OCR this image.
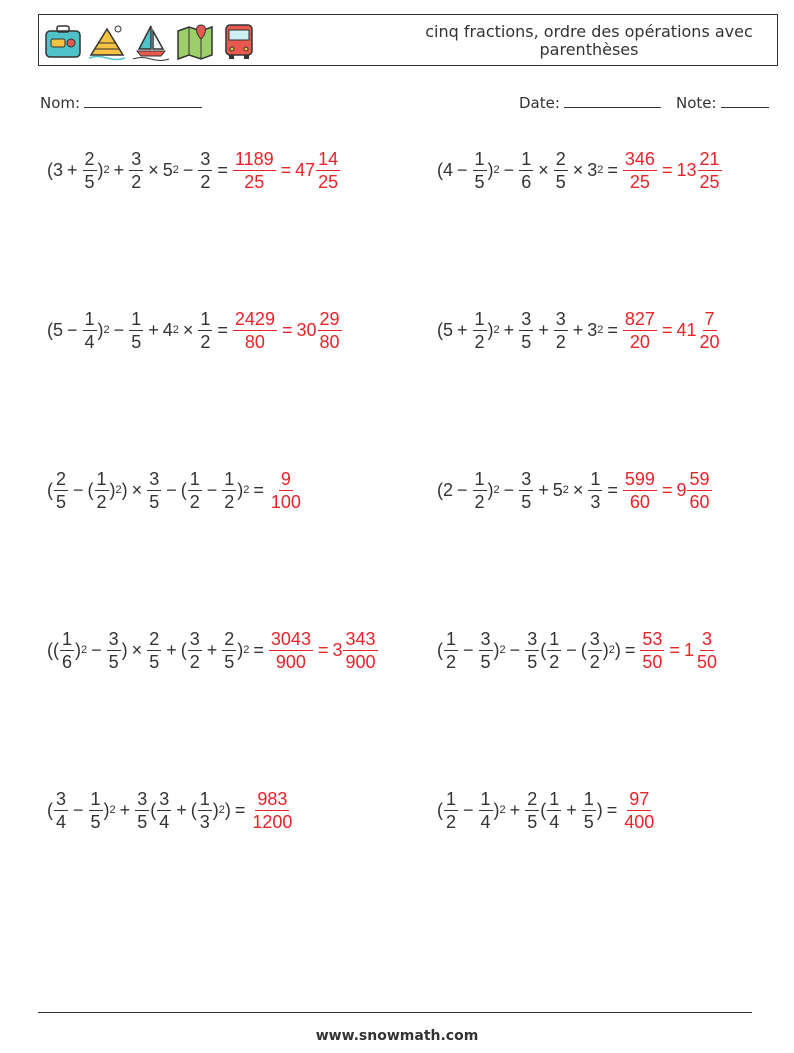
cinq fractions, ordre des opérations avec parenthèses
Nom:	Date:	Note:
($3 + \frac{2}{5}$ ) $2 + \frac{3}{2} \times 5$ $2 - \frac{3}{2} = \frac{1189}{25} = 47 \frac{14}{25}$	($4 - \frac{1}{5}$ ) $2 - \frac{1}{6} \times \frac{2}{5} \times 3$ $2 = \frac{346}{25} = 13 \frac{21}{25}$
($5 - \frac{1}{4}$ ) $2 - \frac{1}{5} + 4$ $2 \times \frac{1}{2} = \frac{2429}{80} = 30 \frac{29}{80}$	($5 + \frac{1}{2}$ ) $2 + \frac{3}{5} + \frac{3}{2} + 3$ $2 = \frac{827}{20} = 41 \frac{7}{20}$
( $\frac{2}{5}$ − ( $\frac{1}{2}$ ) 2 ) × $\frac{3}{5}$ − ( $\frac{1}{2} - \frac{1}{2}$ ) $2 = \frac{9}{100}$	($2 - \frac{1}{2}$ ) $2 - \frac{3}{5} + 5$ $2 \times \frac{1}{3} = \frac{599}{60} = 9 \frac{59}{60}$
(( $\frac{1}{6}$ ) $2 - \frac{3}{5}$ ) × $\frac{2}{5}$ + ( $\frac{3}{2} + \frac{2}{5}$ ) $2 = \frac{3043}{900} = 3 \frac{343}{900}$	( $\frac{1}{2} - \frac{3}{5}$ ) $2 - \frac{3}{5}$ ( $\frac{1}{2}$ − ( $\frac{3}{2}$ ) 2 ) = $\frac{53}{50} = 1 \frac{3}{50}$
( $\frac{3}{4} - \frac{1}{5}$ ) $2 + \frac{3}{5}$ ( $\frac{3}{4}$ + ( $\frac{1}{3}$ ) 2 ) = $\frac{983}{1200}$	( $\frac{1}{2} - \frac{1}{4}$ ) $2 + \frac{2}{5}$ ( $\frac{1}{4} + \frac{1}{5}$ ) = $\frac{97}{400}$
www.snowmath.com
